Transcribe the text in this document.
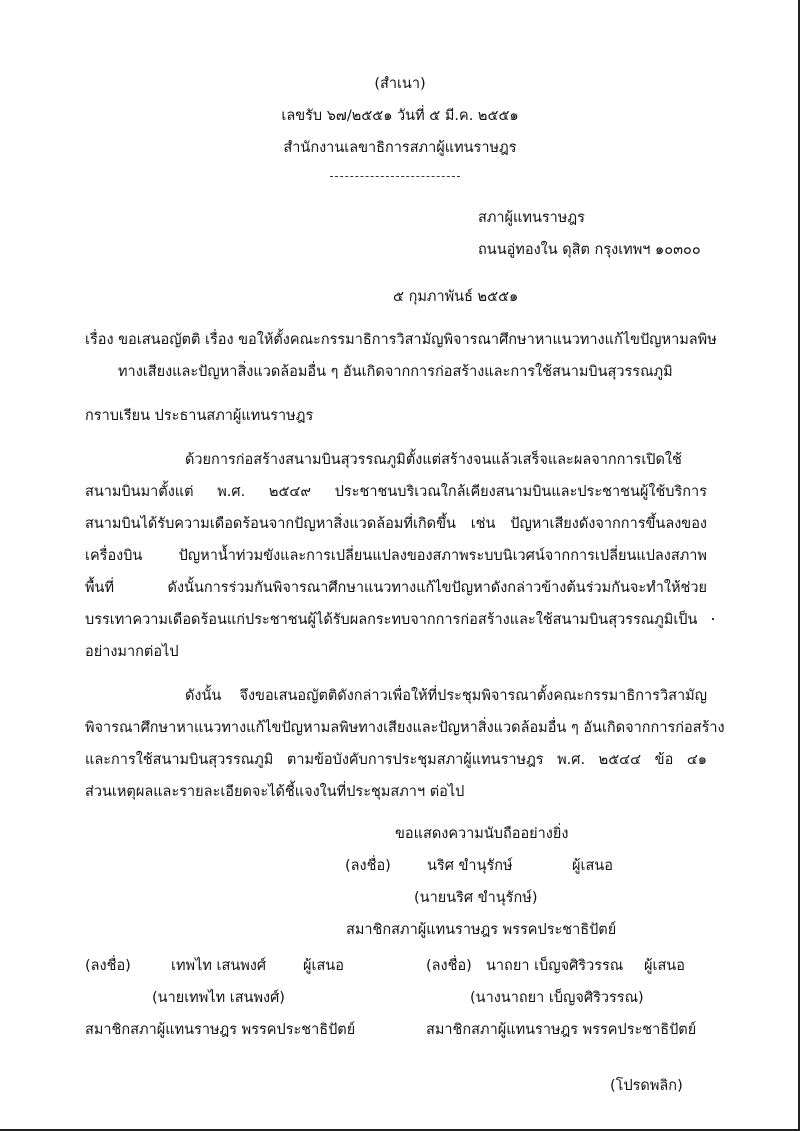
(สำเนา)
เลขรับ ๖๗/๒๕๕๑ วันที่ ๕ มี.ค. ๒๕๕๑
สำนักงานเลขาธิการสภาผู้แทนราษฎร
สภาผู้แทนราษฎร
ถนนอู่ทองใน ดุสิต กรุงเทพฯ ๑๐๓๐๐
๕ กุมภาพันธ์ ๒๕๕๑
เรื่อง ขอเสนอญัตติ เรื่อง ขอให้ตั้งคณะกรรมาธิการวิสามัญพิจารณาศึกษาหาแนวทางแก้ไขปัญหามลพิษ
ทางเสียงและปัญหาสิ่งแวดล้อมอื่น ๆ อันเกิดจากการก่อสร้างและการใช้สนามบินสุวรรณภูมิ
กราบเรียน ประธานสภาผู้แทนราษฎร
ด้วยการก่อสร้างสนามบินสุวรรณภูมิตั้งแต่สร้างจนแล้วเสร็จและผลจากการเปิดใช้
สนามบินมาตั้งแต่ พ.ศ. ๒๕๔๙ ประชาชนบริเวณใกล้เคียงสนามบินและประชาชนผู้ใช้บริการ
สนามบินได้รับความเดือดร้อนจากปัญหาสิ่งแวดล้อมที่เกิดขึ้น เช่น ปัญหาเสียงดังจากการขึ้นลงของ
เครื่องบิน ปัญหาน้ำท่วมขังและการเปลี่ยนแปลงของสภาพระบบนิเวศน์จากการเปลี่ยนแปลงสภาพ
พื้นที่ ดังนั้นการร่วมกันพิจารณาศึกษาแนวทางแก้ไขปัญหาดังกล่าวข้างต้นร่วมกันจะทำให้ช่วย
บรรเทาความเดือดร้อนแก่ประชาชนผู้ได้รับผลกระทบจากการก่อสร้างและใช้สนามบินสุวรรณภูมิเป็น
อย่างมากต่อไป
ดังนั้น จึงขอเสนอญัตติดังกล่าวเพื่อให้ที่ประชุมพิจารณาตั้งคณะกรรมาธิการวิสามัญ
พิจารณาศึกษาหาแนวทางแก้ไขปัญหามลพิษทางเสียงและปัญหาสิ่งแวดล้อมอื่น ๆ อันเกิดจากการก่อสร้าง
และการใช้สนามบินสุวรรณภูมิ ตามข้อบังคับการประชุมสภาผู้แทนราษฎร พ.ศ. ๒๕๔๔ ข้อ ๔๑
ส่วนเหตุผลและรายละเอียดจะได้ชี้แจงในที่ประชุมสภาฯ ต่อไป
ขอแสดงความนับถืออย่างยิ่ง
(ลงชื่อ) นริศ ขำนุรักษ์	ผู้เสนอ
(นายนริศ ขำนุรักษ์)
สมาชิกสภาผู้แทนราษฎร พรรคประชาธิปัตย์
(ลงชื่อ)	เทพไท เสนพงศ์	ผู้เสนอ
(นายเทพไท เสนพงศ์)
สมาชิกสภาผู้แทนราษฎร พรรคประชาธิปัตย์
(ลงชื่อ) นาถยา เบ็ญจศิริวรรณ ผู้เสนอ
(นางนาถยา เบ็ญจศิริวรรณ)
สมาชิกสภาผู้แทนราษฎร พรรคประชาธิปัตย์
(โปรดพลิก)
